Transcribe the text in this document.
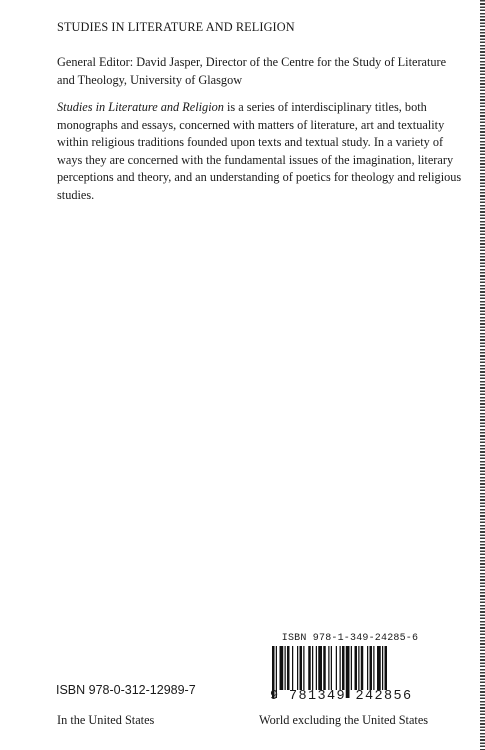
STUDIES IN LITERATURE AND RELIGION
General Editor: David Jasper, Director of the Centre for the Study of Literature and Theology, University of Glasgow
Studies in Literature and Religion is a series of interdisciplinary titles, both monographs and essays, concerned with matters of literature, art and textuality within religious traditions founded upon texts and textual study. In a variety of ways they are concerned with the fundamental issues of the imagination, literary perceptions and theory, and an understanding of poetics for theology and religious studies.
ISBN 978-1-349-24285-6
9 781349 242856
ISBN 978-0-312-12989-7
In the United States	World excluding the United States
